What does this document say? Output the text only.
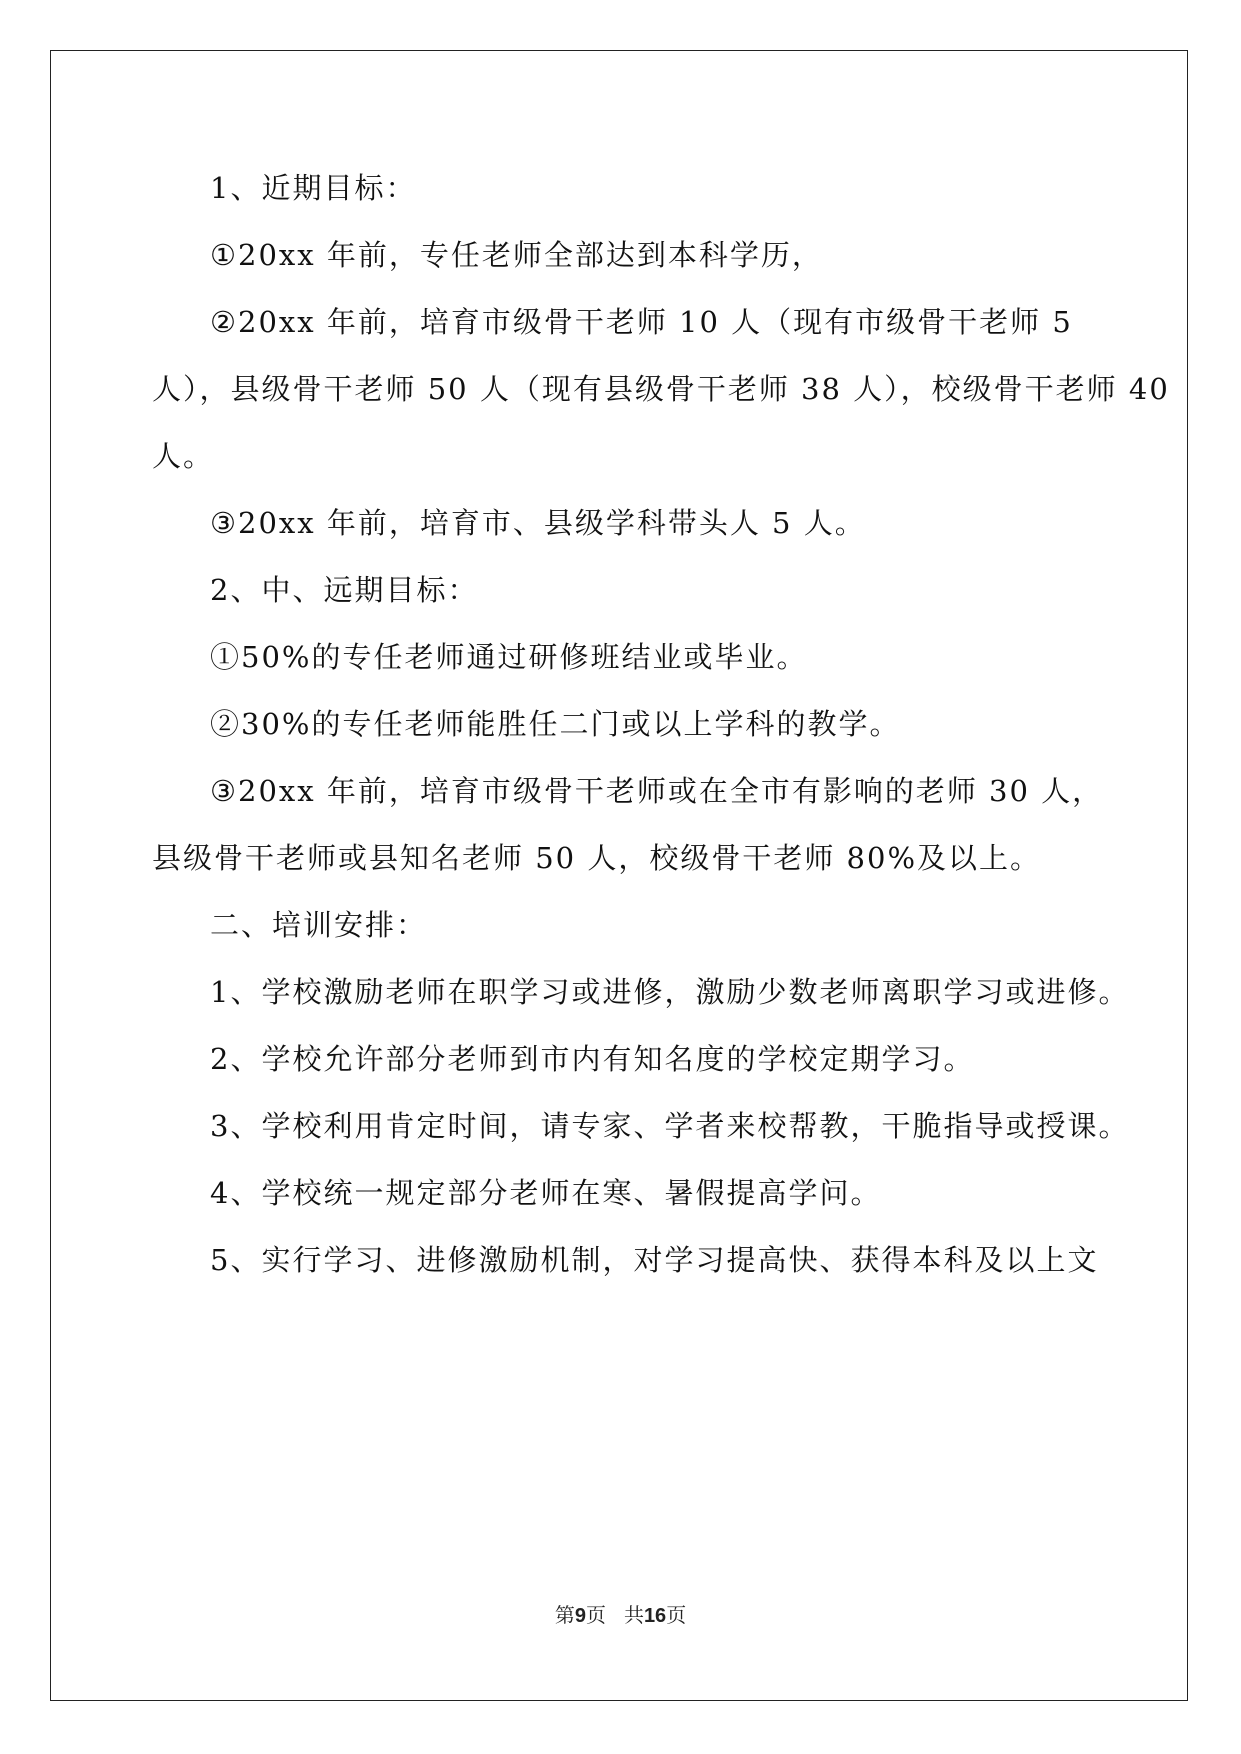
1、近期目标：
①20xx 年前，专任老师全部达到本科学历，
②20xx 年前，培育市级骨干老师 10 人（现有市级骨干老师 5
人），县级骨干老师 50 人（现有县级骨干老师 38 人），校级骨干老师 40
人。
③20xx 年前，培育市、县级学科带头人 5 人。
2、中、远期目标：
①50%的专任老师通过研修班结业或毕业。
②30%的专任老师能胜任二门或以上学科的教学。
③20xx 年前，培育市级骨干老师或在全市有影响的老师 30 人，
县级骨干老师或县知名老师 50 人，校级骨干老师 80%及以上。
二、培训安排：
1、学校激励老师在职学习或进修，激励少数老师离职学习或进修。
2、学校允许部分老师到市内有知名度的学校定期学习。
3、学校利用肯定时间，请专家、学者来校帮教，干脆指导或授课。
4、学校统一规定部分老师在寒、暑假提高学问。
5、实行学习、进修激励机制，对学习提高快、获得本科及以上文
第9页 共16页
